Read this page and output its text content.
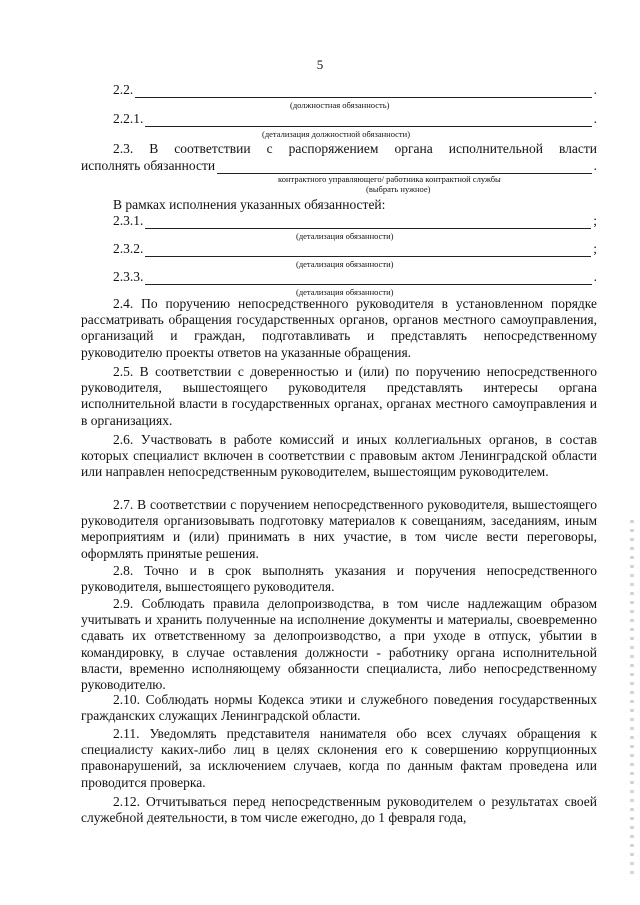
5
2.2.	.
(должностная обязанность)
2.2.1.	.
(детализация должностной обязанности)
2.3. В соответствии с распоряжением органа исполнительной власти
исполнять обязанности	.
контрактного управляющего/ работника контрактной службы
(выбрать нужное)
В рамках исполнения указанных обязанностей:
2.3.1.	;
(детализация обязанности)
2.3.2.	;
(детализация обязанности)
2.3.3.	.
(детализация обязанности)

2.4. По поручению непосредственного руководителя в установленном порядке рассматривать обращения государственных органов, органов местного самоуправления, организаций и граждан, подготавливать и представлять непосредственному руководителю проекты ответов на указанные обращения.

2.5. В соответствии с доверенностью и (или) по поручению непосредственного руководителя, вышестоящего руководителя представлять интересы органа исполнительной власти в государственных органах, органах местного самоуправления и в организациях.

2.6. Участвовать в работе комиссий и иных коллегиальных органов, в состав которых специалист включен в соответствии с правовым актом Ленинградской области или направлен непосредственным руководителем, вышестоящим руководителем.

2.7. В соответствии с поручением непосредственного руководителя, вышестоящего руководителя организовывать подготовку материалов к совещаниям, заседаниям, иным мероприятиям и (или) принимать в них участие, в том числе вести переговоры, оформлять принятые решения.

2.8. Точно и в срок выполнять указания и поручения непосредственного руководителя, вышестоящего руководителя.

2.9. Соблюдать правила делопроизводства, в том числе надлежащим образом учитывать и хранить полученные на исполнение документы и материалы, своевременно сдавать их ответственному за делопроизводство, а при уходе в отпуск, убытии в командировку, в случае оставления должности - работнику органа исполнительной власти, временно исполняющему обязанности специалиста, либо непосредственному руководителю.

2.10. Соблюдать нормы Кодекса этики и служебного поведения государственных гражданских служащих Ленинградской области.

2.11. Уведомлять представителя нанимателя обо всех случаях обращения к специалисту каких-либо лиц в целях склонения его к совершению коррупционных правонарушений, за исключением случаев, когда по данным фактам проведена или проводится проверка.

2.12. Отчитываться перед непосредственным руководителем о результатах своей служебной деятельности, в том числе ежегодно, до 1 февраля года,
